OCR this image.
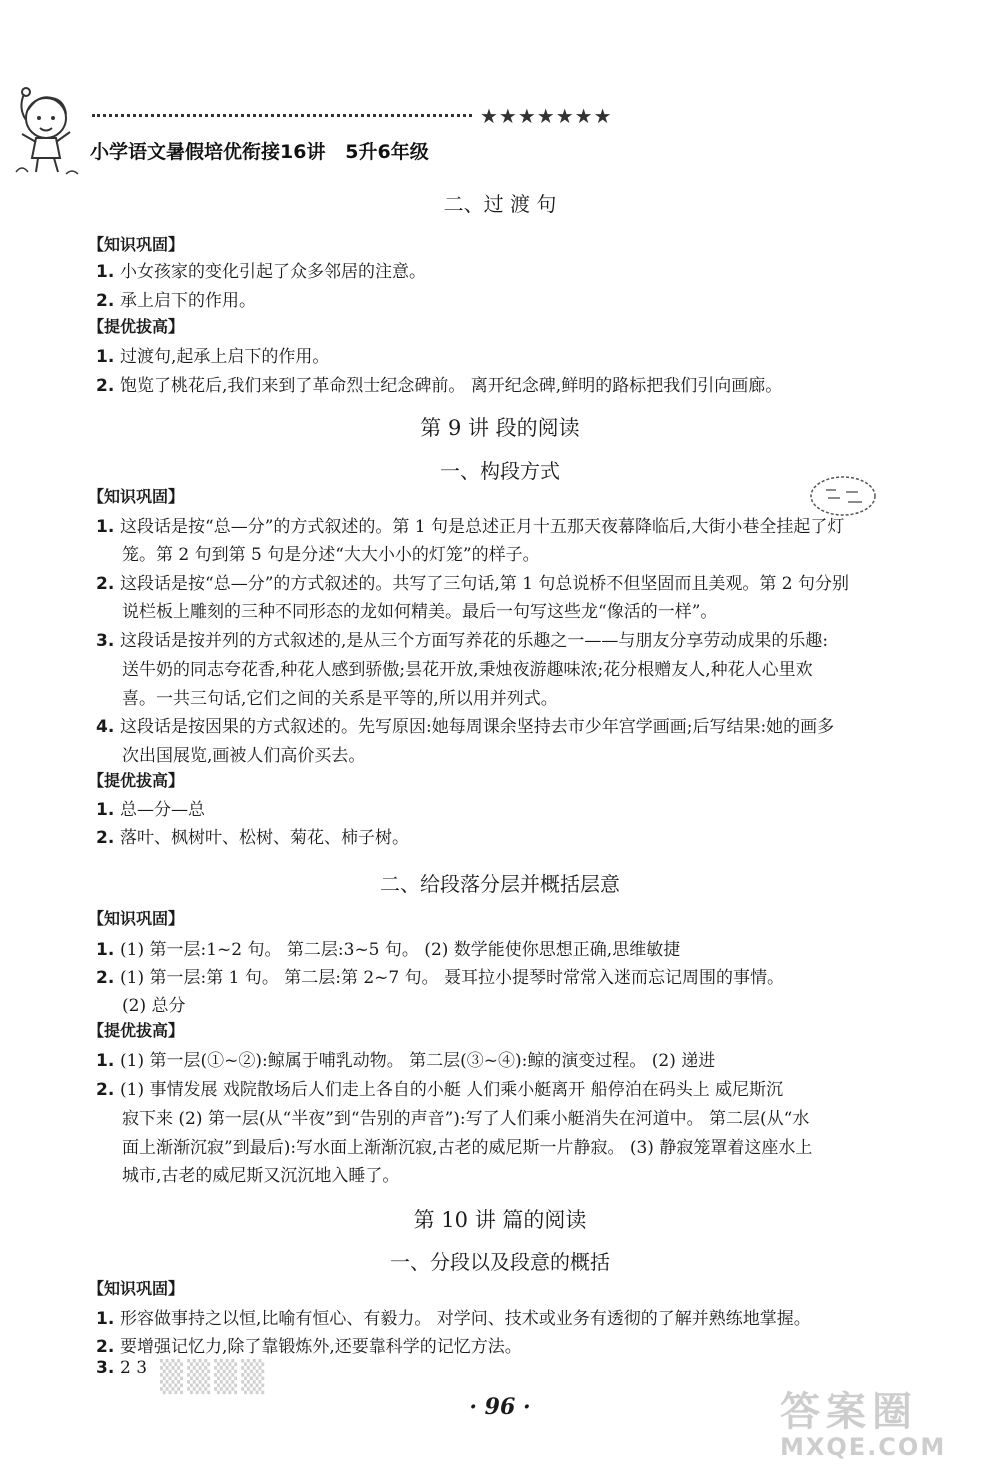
★★★★★★★
小学语文暑假培优衔接16讲   5升6年级
二、过 渡 句
【知识巩固】
1. 小女孩家的变化引起了众多邻居的注意。
2. 承上启下的作用。
【提优拔高】
1. 过渡句,起承上启下的作用。
2. 饱览了桃花后,我们来到了革命烈士纪念碑前。 离开纪念碑,鲜明的路标把我们引向画廊。
第 9 讲 段的阅读
一、构段方式
【知识巩固】
1. 这段话是按“总—分”的方式叙述的。第 1 句是总述正月十五那天夜幕降临后,大街小巷全挂起了灯
笼。第 2 句到第 5 句是分述“大大小小的灯笼”的样子。
2. 这段话是按“总—分”的方式叙述的。共写了三句话,第 1 句总说桥不但坚固而且美观。第 2 句分别
说栏板上雕刻的三种不同形态的龙如何精美。最后一句写这些龙“像活的一样”。
3. 这段话是按并列的方式叙述的,是从三个方面写养花的乐趣之一——与朋友分享劳动成果的乐趣:
送牛奶的同志夸花香,种花人感到骄傲;昙花开放,秉烛夜游趣味浓;花分根赠友人,种花人心里欢
喜。一共三句话,它们之间的关系是平等的,所以用并列式。
4. 这段话是按因果的方式叙述的。先写原因:她每周课余坚持去市少年宫学画画;后写结果:她的画多
次出国展览,画被人们高价买去。
【提优拔高】
1. 总—分—总
2. 落叶、枫树叶、松树、菊花、柿子树。
二、给段落分层并概括层意
【知识巩固】
1. (1) 第一层:1~2 句。 第二层:3~5 句。 (2) 数学能使你思想正确,思维敏捷
2. (1) 第一层:第 1 句。 第二层:第 2~7 句。 聂耳拉小提琴时常常入迷而忘记周围的事情。
(2) 总分
【提优拔高】
1. (1) 第一层(①~②):鲸属于哺乳动物。 第二层(③~④):鲸的演变过程。 (2) 递进
2. (1) 事情发展 戏院散场后人们走上各自的小艇 人们乘小艇离开 船停泊在码头上 威尼斯沉
寂下来 (2) 第一层(从“半夜”到“告别的声音”):写了人们乘小艇消失在河道中。 第二层(从“水
面上渐渐沉寂”到最后):写水面上渐渐沉寂,古老的威尼斯一片静寂。 (3) 静寂笼罩着这座水上
城市,古老的威尼斯又沉沉地入睡了。
第 10 讲 篇的阅读
一、分段以及段意的概括
【知识巩固】
1. 形容做事持之以恒,比喻有恒心、有毅力。 对学问、技术或业务有透彻的了解并熟练地掌握。
2. 要增强记忆力,除了靠锻炼外,还要靠科学的记忆方法。
3. 2 3 ▒▒▒▒
· 96 ·	答案圈
MXQE.COM
